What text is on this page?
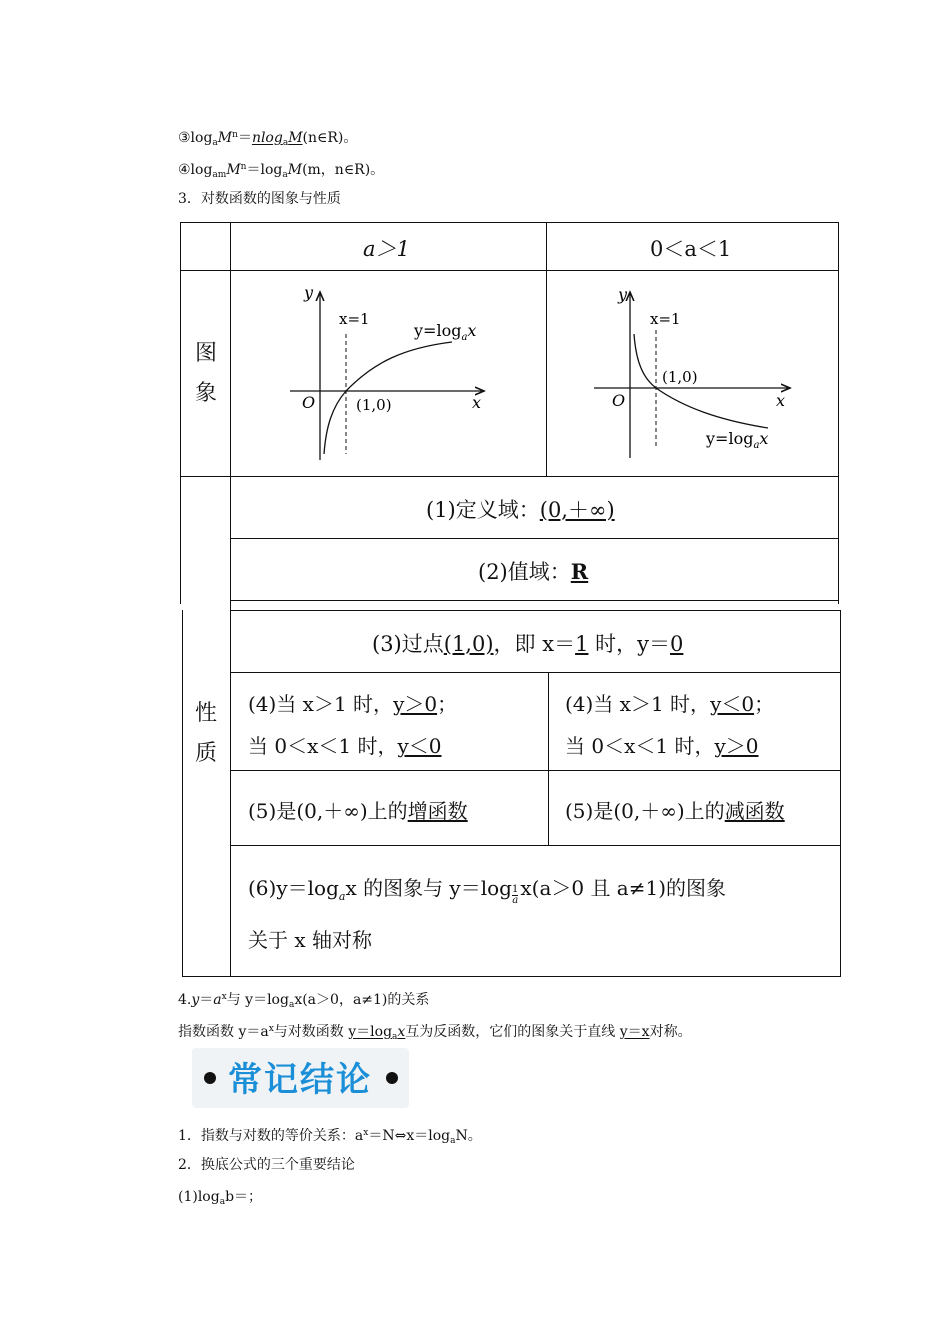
$③\log_aM^n=nlog_aM(n\in R)$。
$④\log_{am}M^n=\log_aM(m$，n∈R)。
3．对数函数的图象与性质
a＞1	0＜a＜1
图
象
性
质
y
x
O
x=1
(1,0)
$y=\log_ax$
y
x
O
x=1
(1,0)
$y=\log_ax$
(1)定义域：(0,＋∞)
(2)值域：R
(3)过点(1,0)，即 x＝1 时，y＝0
(4)当 x＞1 时，y＞0；
当 0＜x＜1 时，y＜0
(4)当 x＞1 时，y＜0；
当 0＜x＜1 时，y＞0
(5)是(0,＋∞)上的增函数	(5)是(0,＋∞)上的减函数
$(6)y=\log_ax$ 的图象与 $y=\log \frac{1}{a} x(a>0$ 且 a≠1)的图象
关于 x 轴对称
$4.y=a^x$与 $y=\log_ax(a>0$，a≠1)的关系
指数函数 $y=a^x$与对数函数 $y=\log_ax$互为反函数，它们的图象关于直线 y＝x对称。
常记结论
1．指数与对数的等价关系：$a^x=N\Leftrightarrow x=\log_aN$。
2．换底公式的三个重要结论
$(1)\log_ab=$；
